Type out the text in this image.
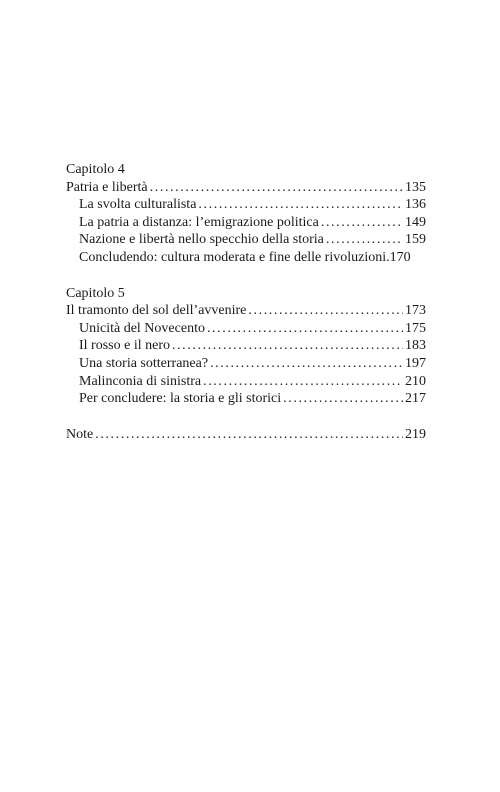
Capitolo 4
Patria e libertà .....	135
La svolta culturalista .....	136
La patria a distanza: l’emigrazione politica .....	149
Nazione e libertà nello specchio della storia .....	159
Concludendo: cultura moderata e fine delle rivoluzioni .170
Capitolo 5
Il tramonto del sol dell’avvenire .....	173
Unicità del Novecento .....	175
Il rosso e il nero .....	183
Una storia sotterranea? .....	197
Malinconia di sinistra .....	210
Per concludere: la storia e gli storici .....	217
Note .....	219
